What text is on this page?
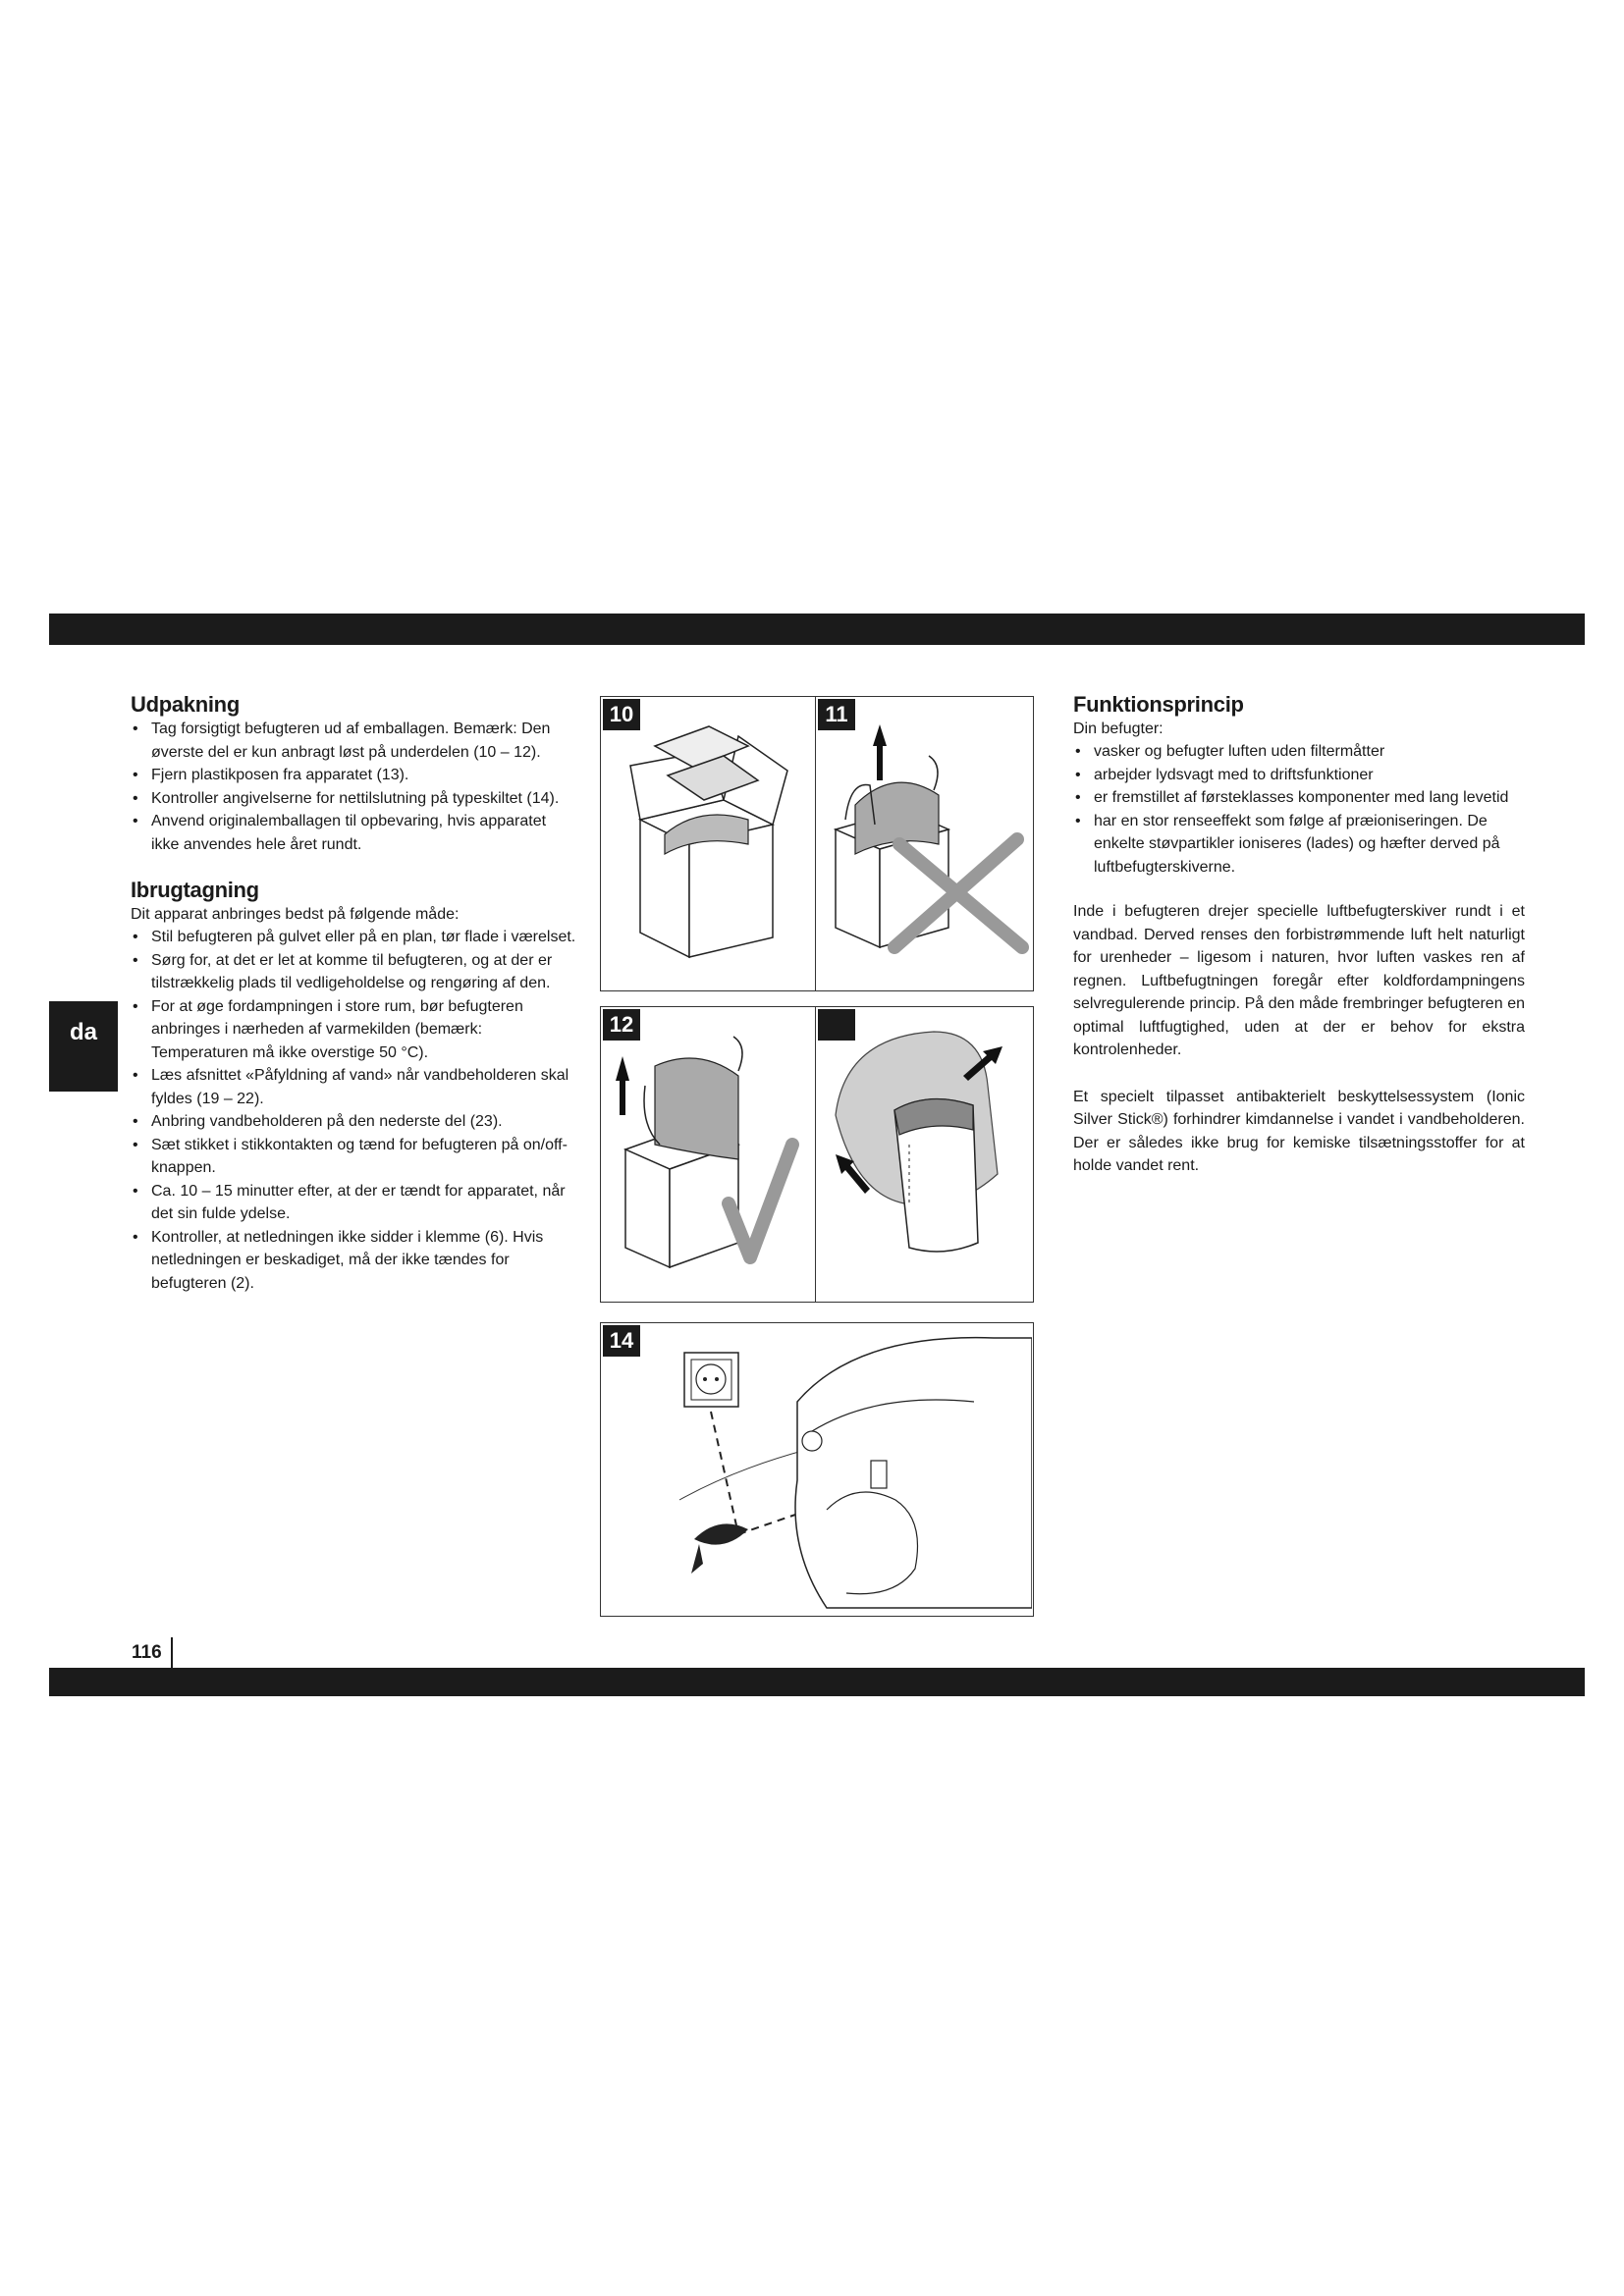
da
116
Udpakning
• Tag forsigtigt befugteren ud af emballagen. Bemærk: Den øverste del er kun anbragt løst på underdelen (10 – 12).
• Fjern plastikposen fra apparatet (13).
• Kontroller angivelserne for nettilslutning på typeskiltet (14).
• Anvend originalemballagen til opbevaring, hvis apparatet ikke anvendes hele året rundt.
Ibrugtagning

Dit apparat anbringes bedst på følgende måde:

• Stil befugteren på gulvet eller på en plan, tør flade i værelset.
• Sørg for, at det er let at komme til befugteren, og at der er tilstrækkelig plads til vedligeholdelse og rengøring af den.
• For at øge fordampningen i store rum, bør befugteren anbringes i nærheden af varmekilden (bemærk: Temperaturen må ikke overstige 50 °C).
• Læs afsnittet «Påfyldning af vand» når vandbeholderen skal fyldes (19 – 22).
• Anbring vandbeholderen på den nederste del (23).
• Sæt stikket i stikkontakten og tænd for befugteren på on/off-knappen.
• Ca. 10 – 15 minutter efter, at der er tændt for apparatet, når det sin fulde ydelse.
• Kontroller, at netledningen ikke sidder i klemme (6). Hvis netledningen er beskadiget, må der ikke tændes for befugteren (2).
10	11
12
14
Funktionsprincip

Din befugter:

• vasker og befugter luften uden filtermåtter
• arbejder lydsvagt med to driftsfunktioner
• er fremstillet af førsteklasses komponenter med lang levetid
• har en stor renseeffekt som følge af præioniseringen. De enkelte støvpartikler ioniseres (lades) og hæfter derved på luftbefugterskiverne.

Inde i befugteren drejer specielle luftbefugterskiver rundt i et vandbad. Derved renses den forbistrømmende luft helt naturligt for urenheder – ligesom i naturen, hvor luften vaskes ren af regnen. Luftbefugtningen foregår efter koldfordampningens selvregulerende princip. På den måde frembringer befugteren en optimal luftfugtighed, uden at der er behov for ekstra kontrolenheder.

Et specielt tilpasset antibakterielt beskyttelsessystem (Ionic Silver Stick®) forhindrer kimdannelse i vandet i vandbeholderen. Der er således ikke brug for kemiske tilsætningsstoffer for at holde vandet rent.
